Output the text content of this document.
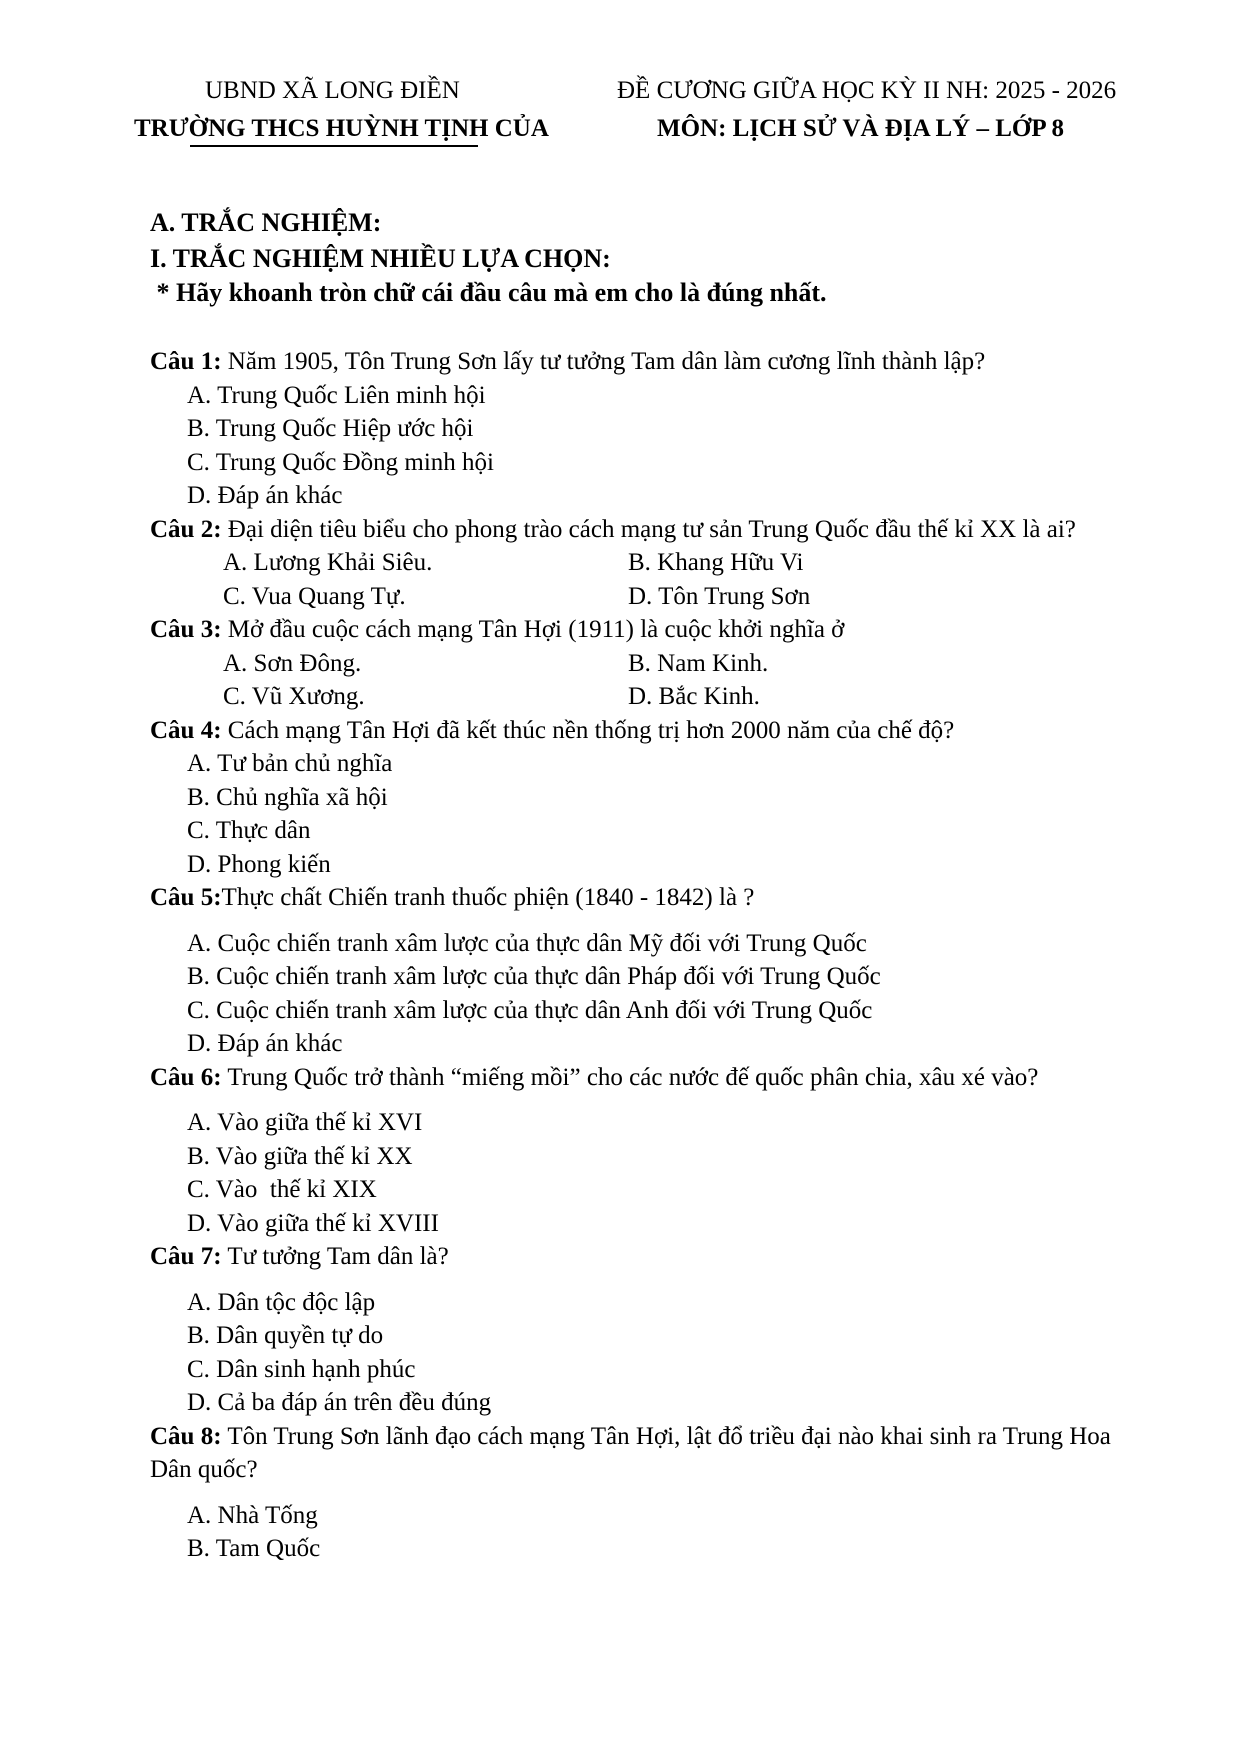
UBND XÃ LONG ĐIỀN
TRƯỜNG THCS HUỲNH TỊNH CỦA
ĐỀ CƯƠNG GIỮA HỌC KỲ II NH: 2025 - 2026
MÔN: LỊCH SỬ VÀ ĐỊA LÝ – LỚP 8
A. TRẮC NGHIỆM:
I. TRẮC NGHIỆM NHIỀU LỰA CHỌN:
* Hãy khoanh tròn chữ cái đầu câu mà em cho là đúng nhất.
Câu 1: Năm 1905, Tôn Trung Sơn lấy tư tưởng Tam dân làm cương lĩnh thành lập?
A. Trung Quốc Liên minh hội
B. Trung Quốc Hiệp ước hội
C. Trung Quốc Đồng minh hội
D. Đáp án khác
Câu 2: Đại diện tiêu biểu cho phong trào cách mạng tư sản Trung Quốc đầu thế kỉ XX là ai?
A. Lương Khải Siêu.	B. Khang Hữu Vi
C. Vua Quang Tự.	D. Tôn Trung Sơn
Câu 3: Mở đầu cuộc cách mạng Tân Hợi (1911) là cuộc khởi nghĩa ở
A. Sơn Đông.	B. Nam Kinh.
C. Vũ Xương.	D. Bắc Kinh.
Câu 4: Cách mạng Tân Hợi đã kết thúc nền thống trị hơn 2000 năm của chế độ?
A. Tư bản chủ nghĩa
B. Chủ nghĩa xã hội
C. Thực dân
D. Phong kiến
Câu 5:Thực chất Chiến tranh thuốc phiện (1840 - 1842) là ?
A. Cuộc chiến tranh xâm lược của thực dân Mỹ đối với Trung Quốc
B. Cuộc chiến tranh xâm lược của thực dân Pháp đối với Trung Quốc
C. Cuộc chiến tranh xâm lược của thực dân Anh đối với Trung Quốc
D. Đáp án khác
Câu 6: Trung Quốc trở thành “miếng mồi” cho các nước đế quốc phân chia, xâu xé vào?
A. Vào giữa thế kỉ XVI
B. Vào giữa thế kỉ XX
C. Vào  thế kỉ XIX
D. Vào giữa thế kỉ XVIII
Câu 7: Tư tưởng Tam dân là?
A. Dân tộc độc lập
B. Dân quyền tự do
C. Dân sinh hạnh phúc
D. Cả ba đáp án trên đều đúng
Câu 8: Tôn Trung Sơn lãnh đạo cách mạng Tân Hợi, lật đổ triều đại nào khai sinh ra Trung Hoa Dân quốc?
A. Nhà Tống
B. Tam Quốc
